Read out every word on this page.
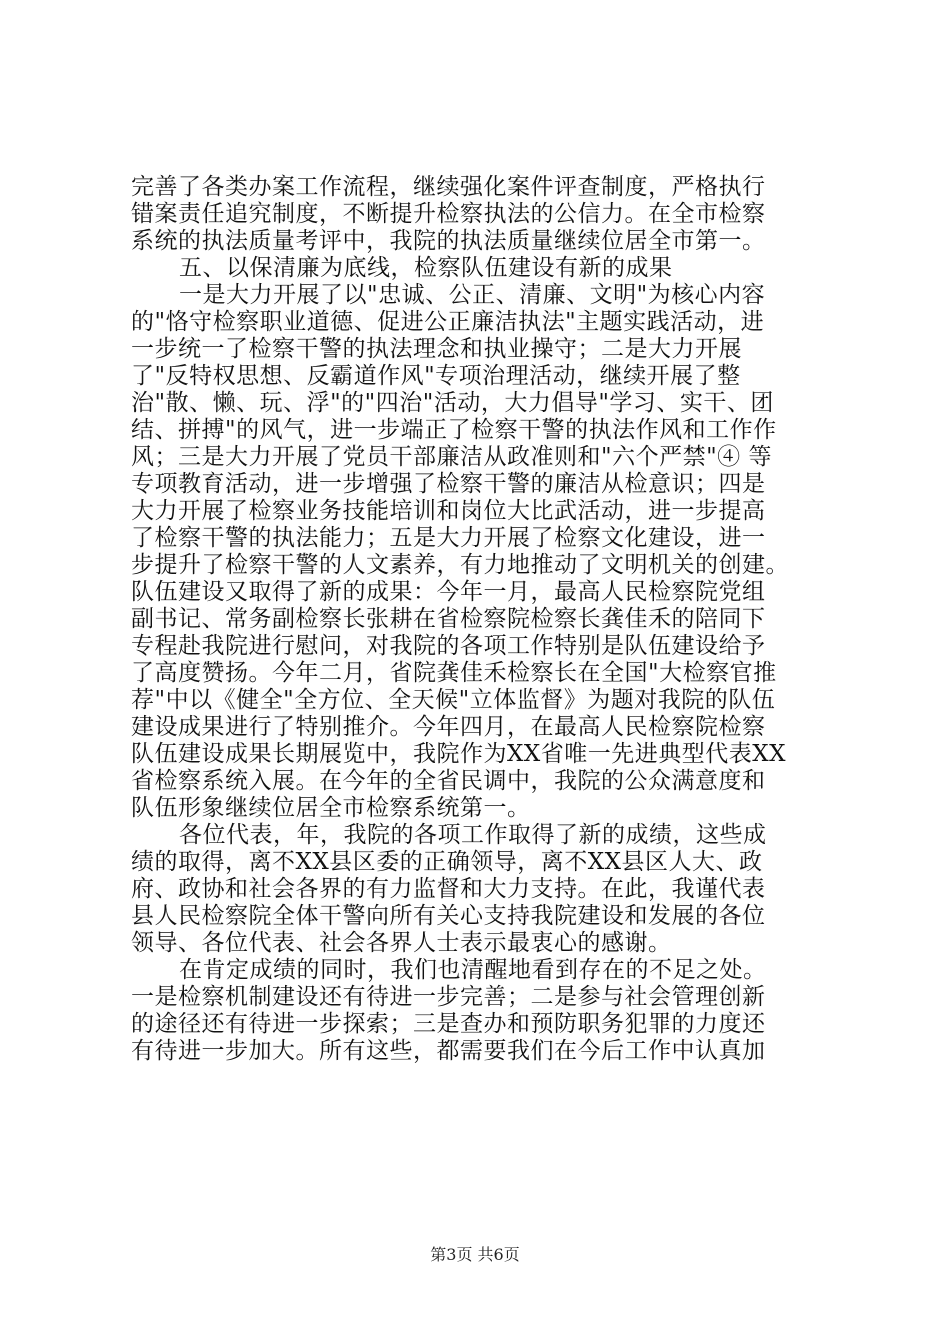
完善了各类办案工作流程，继续强化案件评查制度，严格执行
错案责任追究制度，不断提升检察执法的公信力。在全市检察
系统的执法质量考评中，我院的执法质量继续位居全市第一。
五、以保清廉为底线，检察队伍建设有新的成果
一是大力开展了以"忠诚、公正、清廉、文明"为核心内容
的"恪守检察职业道德、促进公正廉洁执法"主题实践活动，进
一步统一了检察干警的执法理念和执业操守；二是大力开展
了"反特权思想、反霸道作风"专项治理活动，继续开展了整
治"散、懒、玩、浮"的"四治"活动，大力倡导"学习、实干、团
结、拼搏"的风气，进一步端正了检察干警的执法作风和工作作
风；三是大力开展了党员干部廉洁从政准则和"六个严禁"④ 等
专项教育活动，进一步增强了检察干警的廉洁从检意识；四是
大力开展了检察业务技能培训和岗位大比武活动，进一步提高
了检察干警的执法能力；五是大力开展了检察文化建设，进一
步提升了检察干警的人文素养，有力地推动了文明机关的创建。
队伍建设又取得了新的成果：今年一月，最高人民检察院党组
副书记、常务副检察长张耕在省检察院检察长龚佳禾的陪同下
专程赴我院进行慰问，对我院的各项工作特别是队伍建设给予
了高度赞扬。今年二月，省院龚佳禾检察长在全国"大检察官推
荐"中以《健全"全方位、全天候"立体监督》为题对我院的队伍
建设成果进行了特别推介。今年四月，在最高人民检察院检察
队伍建设成果长期展览中，我院作为XX省唯一先进典型代表XX
省检察系统入展。在今年的全省民调中，我院的公众满意度和
队伍形象继续位居全市检察系统第一。
各位代表，年，我院的各项工作取得了新的成绩，这些成
绩的取得，离不XX县区委的正确领导，离不XX县区人大、政
府、政协和社会各界的有力监督和大力支持。在此，我谨代表
县人民检察院全体干警向所有关心支持我院建设和发展的各位
领导、各位代表、社会各界人士表示最衷心的感谢。
在肯定成绩的同时，我们也清醒地看到存在的不足之处。
一是检察机制建设还有待进一步完善；二是参与社会管理创新
的途径还有待进一步探索；三是查办和预防职务犯罪的力度还
有待进一步加大。所有这些，都需要我们在今后工作中认真加
第3页 共6页
